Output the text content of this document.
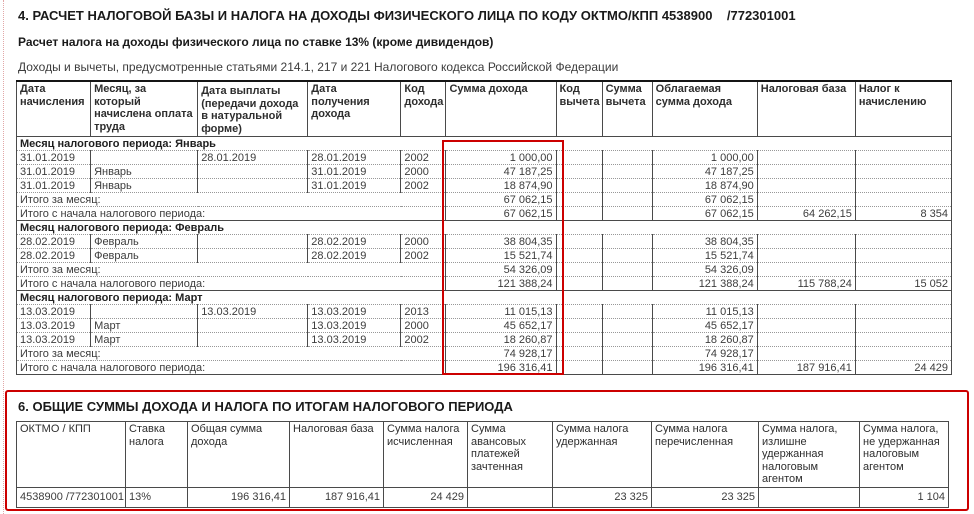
4. РАСЧЕТ НАЛОГОВОЙ БАЗЫ И НАЛОГА НА ДОХОДЫ ФИЗИЧЕСКОГО ЛИЦА ПО КОДУ ОКТМО/КПП 4538900    /772301001
Расчет налога на доходы физического лица по ставке 13% (кроме дивидендов)
Доходы и вычеты, предусмотренные статьями 214.1, 217 и 221 Налогового кодекса Российской Федерации
Дата начисления	Месяц, за который начислена оплата труда	Дата выплаты (передачи дохода в натуральной форме)	Дата получения дохода	Код дохода	Сумма дохода	Код вычета	Сумма вычета	Облагаемая сумма дохода	Налоговая база	Налог к начислению
Месяц налогового периода: Январь										
31.01.2019		28.01.2019	28.01.2019	2002	1 000,00			1 000,00		
31.01.2019	Январь		31.01.2019	2000	47 187,25			47 187,25		
31.01.2019	Январь		31.01.2019	2002	18 874,90			18 874,90		
Итого за месяц:					67 062,15			67 062,15		
Итого с начала налогового периода:					67 062,15			67 062,15	64 262,15	8 354
Месяц налогового периода: Февраль										
28.02.2019	Февраль		28.02.2019	2000	38 804,35			38 804,35		
28.02.2019	Февраль		28.02.2019	2002	15 521,74			15 521,74		
Итого за месяц:					54 326,09			54 326,09		
Итого с начала налогового периода:					121 388,24			121 388,24	115 788,24	15 052
Месяц налогового периода: Март										
13.03.2019		13.03.2019	13.03.2019	2013	11 015,13			11 015,13		
13.03.2019	Март		13.03.2019	2000	45 652,17			45 652,17		
13.03.2019	Март		13.03.2019	2002	18 260,87			18 260,87		
Итого за месяц:					74 928,17			74 928,17		
Итого с начала налогового периода:					196 316,41			196 316,41	187 916,41	24 429
6. ОБЩИЕ СУММЫ ДОХОДА И НАЛОГА ПО ИТОГАМ НАЛОГОВОГО ПЕРИОДА
ОКТМО / КПП	Ставка налога	Общая сумма дохода	Налоговая база	Сумма налога исчисленная	Сумма авансовых платежей зачтенная	Сумма налога удержанная	Сумма налога перечисленная	Сумма налога, излишне удержанная налоговым агентом	Сумма налога, не удержанная налоговым агентом
4538900 /772301001	13%	196 316,41	187 916,41	24 429		23 325	23 325		1 104
